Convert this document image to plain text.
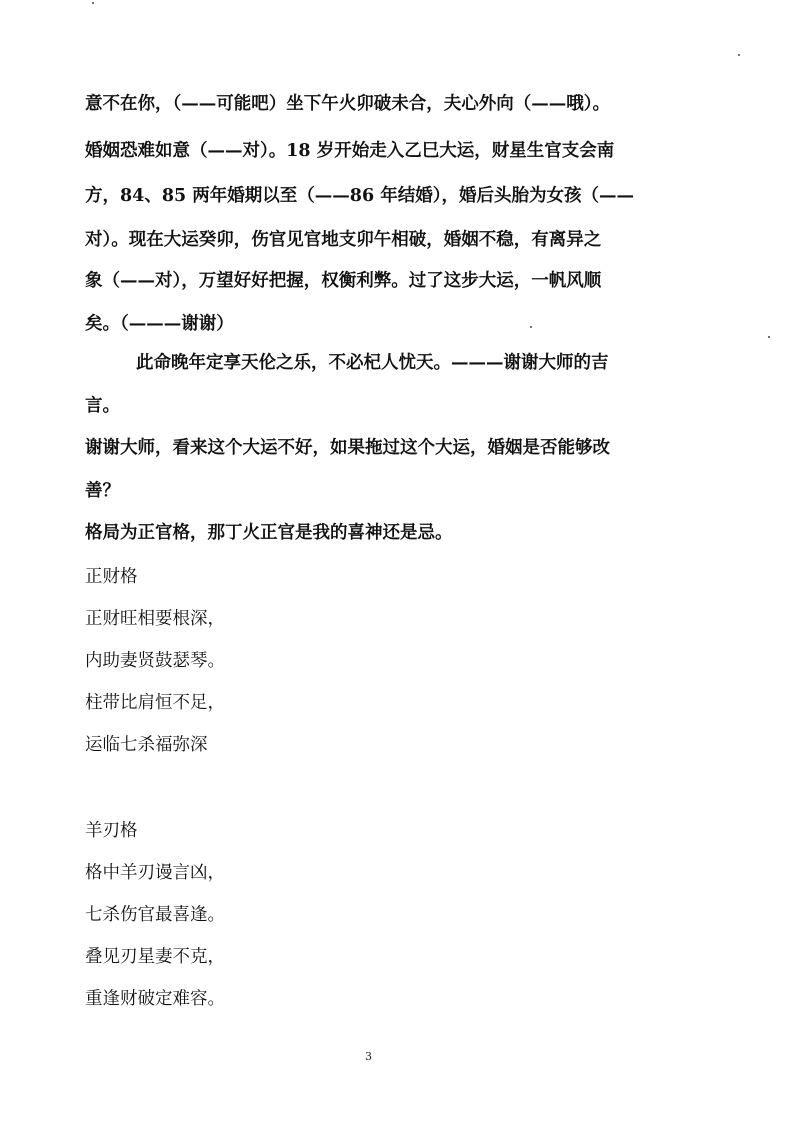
意不在你，（——可能吧）坐下午火卯破未合，夫心外向（——哦）。
婚姻恐难如意（——对）。18 岁开始走入乙巳大运，财星生官支会南
方，84、85 两年婚期以至（——86 年结婚），婚后头胎为女孩（——
对）。现在大运癸卯，伤官见官地支卯午相破，婚姻不稳，有离异之
象（——对），万望好好把握，权衡利弊。过了这步大运，一帆风顺
矣。（———谢谢）
此命晚年定享天伦之乐，不必杞人忧天。———谢谢大师的吉
言。
谢谢大师，看来这个大运不好，如果拖过这个大运，婚姻是否能够改
善？
格局为正官格，那丁火正官是我的喜神还是忌。
正财格
正财旺相要根深，
内助妻贤鼓瑟琴。
柱带比肩恒不足，
运临七杀福弥深
羊刃格
格中羊刃谩言凶，
七杀伤官最喜逢。
叠见刃星妻不克，
重逢财破定难容。
3
